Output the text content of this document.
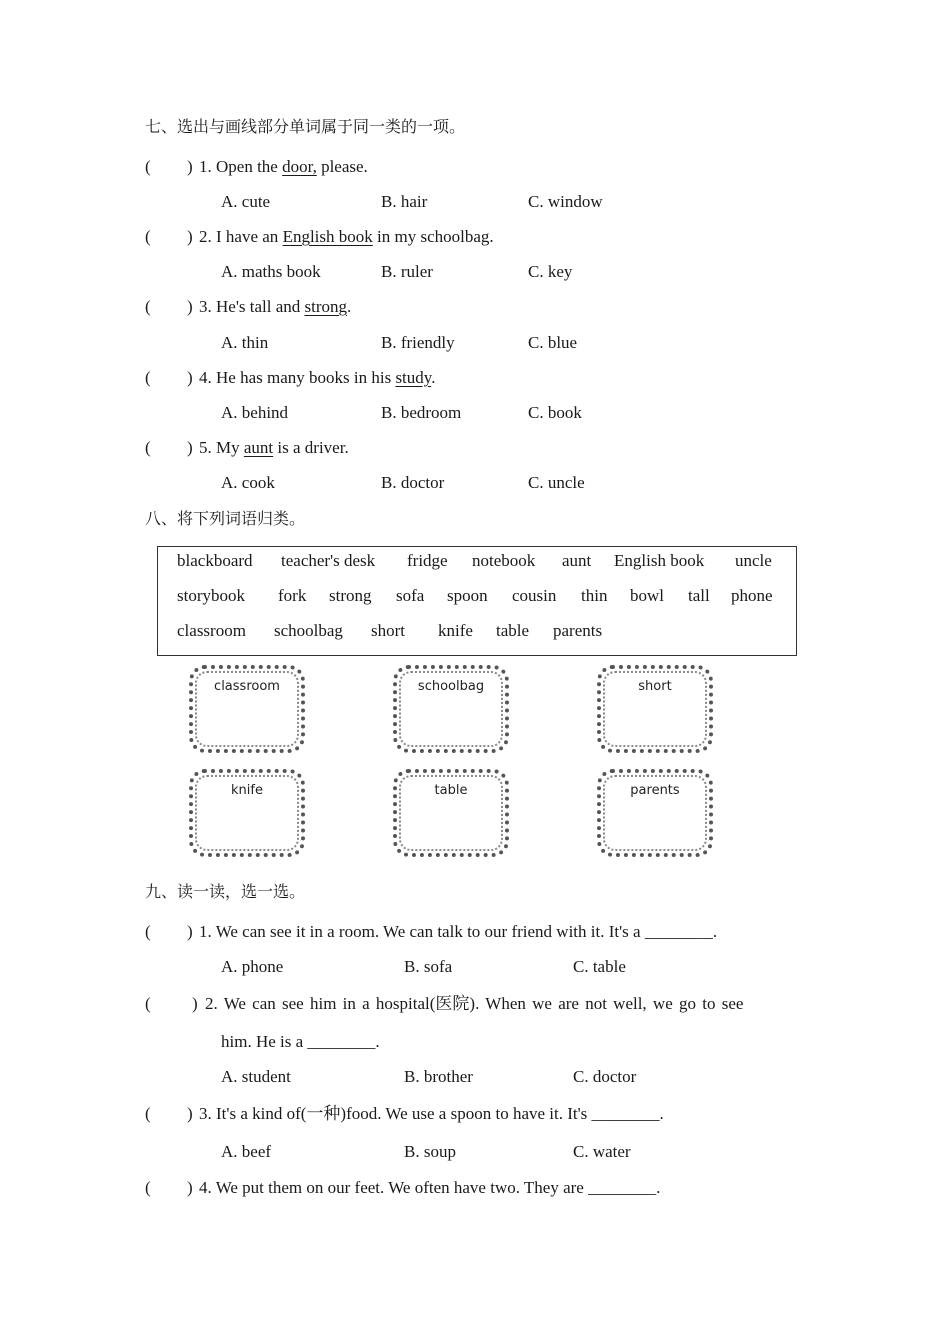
七、选出与画线部分单词属于同一类的一项。
( ) 1. Open the door, please.
A. cute	B. hair	C. window
( ) 2. I have an English book in my schoolbag.
A. maths book	B. ruler	C. key
( ) 3. He's tall and strong.
A. thin	B. friendly	C. blue
( ) 4. He has many books in his study.
A. behind	B. bedroom	C. book
( ) 5. My aunt is a driver.
A. cook	B. doctor	C. uncle
八、将下列词语归类。
blackboard teacher's desk fridge notebook aunt English book uncle
storybook fork strong sofa spoon cousin thin bowl tall phone
classroom schoolbag short knife table parents
classroom	schoolbag	short
knife	table	parents
九、读一读，选一选。
( ) 1. We can see it in a room. We can talk to our friend with it. It's a ________.
A. phone	B. sofa	C. table
( ) 2. We can see him in a hospital(医院). When we are not well, we go to see
him. He is a ________.
A. student	B. brother	C. doctor
( ) 3. It's a kind of(一种)food. We use a spoon to have it. It's ________.
A. beef	B. soup	C. water
( ) 4. We put them on our feet. We often have two. They are ________.
